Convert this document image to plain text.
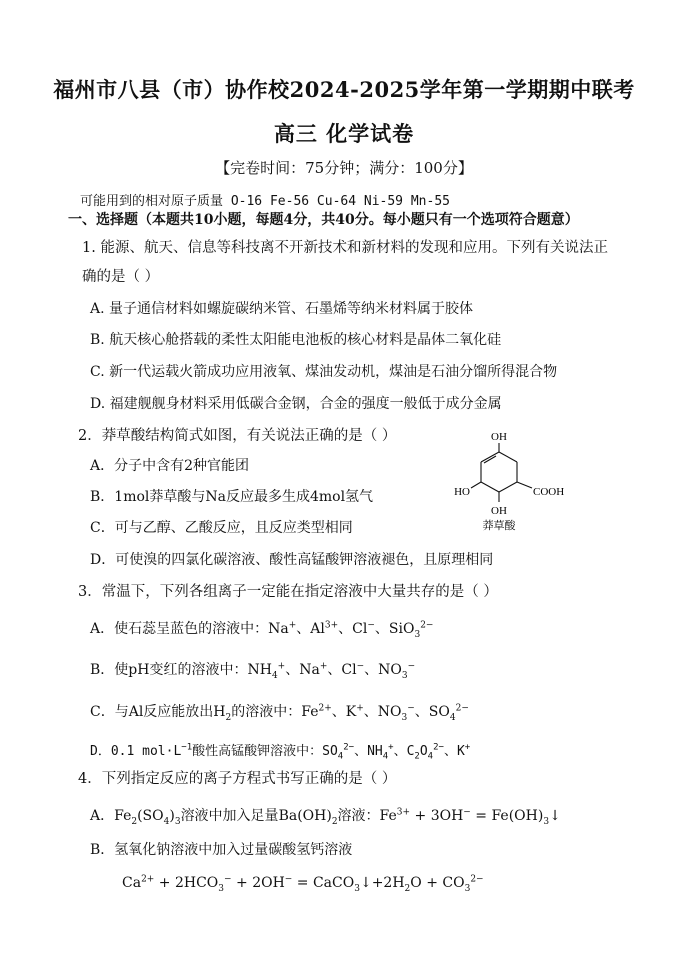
福州市八县（市）协作校2024-2025学年第一学期期中联考
高三 化学试卷
【完卷时间：75分钟；满分：100分】
可能用到的相对原子质量 O-16 Fe-56 Cu-64 Ni-59 Mn-55
一、选择题（本题共10小题，每题4分，共40分。每小题只有一个选项符合题意）
1. 能源、航天、信息等科技离不开新技术和新材料的发现和应用。下列有关说法正
确的是（ ）
A. 量子通信材料如螺旋碳纳米管、石墨烯等纳米材料属于胶体
B. 航天核心舱搭载的柔性太阳能电池板的核心材料是晶体二氧化硅
C. 新一代运载火箭成功应用液氧、煤油发动机，煤油是石油分馏所得混合物
D. 福建舰舰身材料采用低碳合金钢，合金的强度一般低于成分金属
2．莽草酸结构简式如图，有关说法正确的是（ ）
A．分子中含有2种官能团
B．1mol莽草酸与Na反应最多生成4mol氢气
C．可与乙醇、乙酸反应，且反应类型相同
D．可使溴的四氯化碳溶液、酸性高锰酸钾溶液褪色，且原理相同
OH
HO
OH
COOH
莽草酸
3．常温下，下列各组离子一定能在指定溶液中大量共存的是（ ）
A．使石蕊呈蓝色的溶液中：Na+、$Al^{3+}$、Cl−、SiO$_3^{2-}$
B．使pH变红的溶液中：$NH_4^+$、Na+、Cl−、$NO_3^-$
C．与Al反应能放出$H_2$的溶液中：$Fe^{2+}$、K+、$NO_3^-$、$SO_4^{2-}$
D．0.1 $mol\cdot L^{-1}$酸性高锰酸钾溶液中：$SO_4^{2-}$、$NH_4^+$、$C_2O_4^{2-}$、K+
4．下列指定反应的离子方程式书写正确的是（ ）
A．$Fe_2(SO_4)_3$溶液中加入足量$Ba(OH)_2$溶液：$Fe^{3+} + 3OH^-$ = $Fe(OH)_3↓$
B．氢氧化钠溶液中加入过量碳酸氢钙溶液
$Ca^{2+} + 2HCO_3^- + 2OH^-$ = $CaCO_3↓+2H_2O + CO_3^{2-}$
